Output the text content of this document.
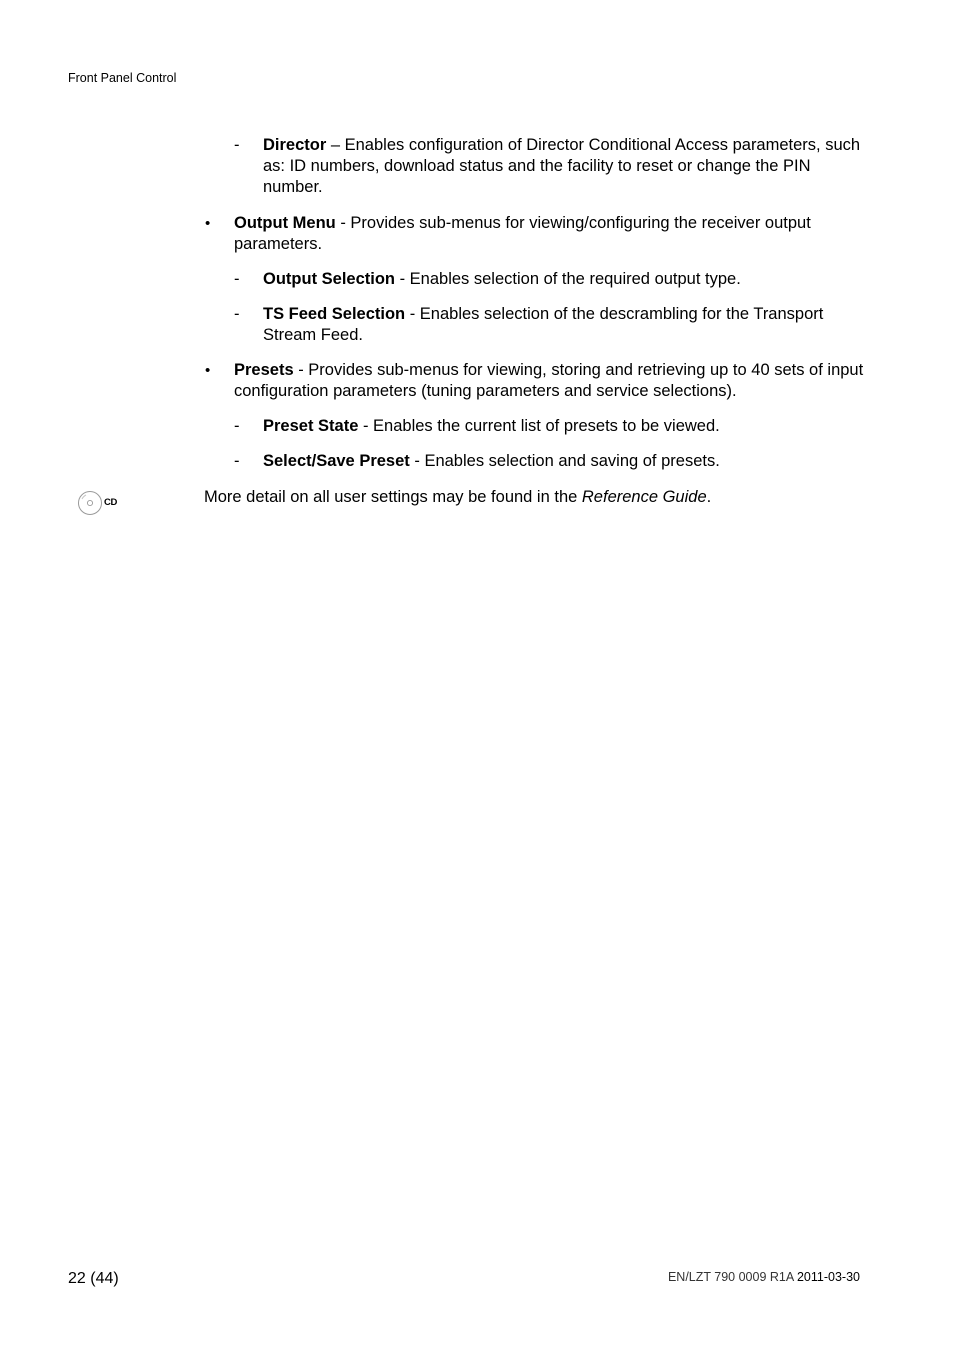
Front Panel Control
- Director – Enables configuration of Director Conditional Access parameters, such as: ID numbers, download status and the facility to reset or change the PIN number.
• Output Menu - Provides sub-menus for viewing/configuring the receiver output parameters.
- Output Selection - Enables selection of the required output type.
- TS Feed Selection - Enables selection of the descrambling for the Transport Stream Feed.
• Presets - Provides sub-menus for viewing, storing and retrieving up to 40 sets of input configuration parameters (tuning parameters and service selections).
- Preset State - Enables the current list of presets to be viewed.
- Select/Save Preset - Enables selection and saving of presets.
CD	More detail on all user settings may be found in the Reference Guide.
22 (44)	EN/LZT 790 0009 R1A 2011-03-30
